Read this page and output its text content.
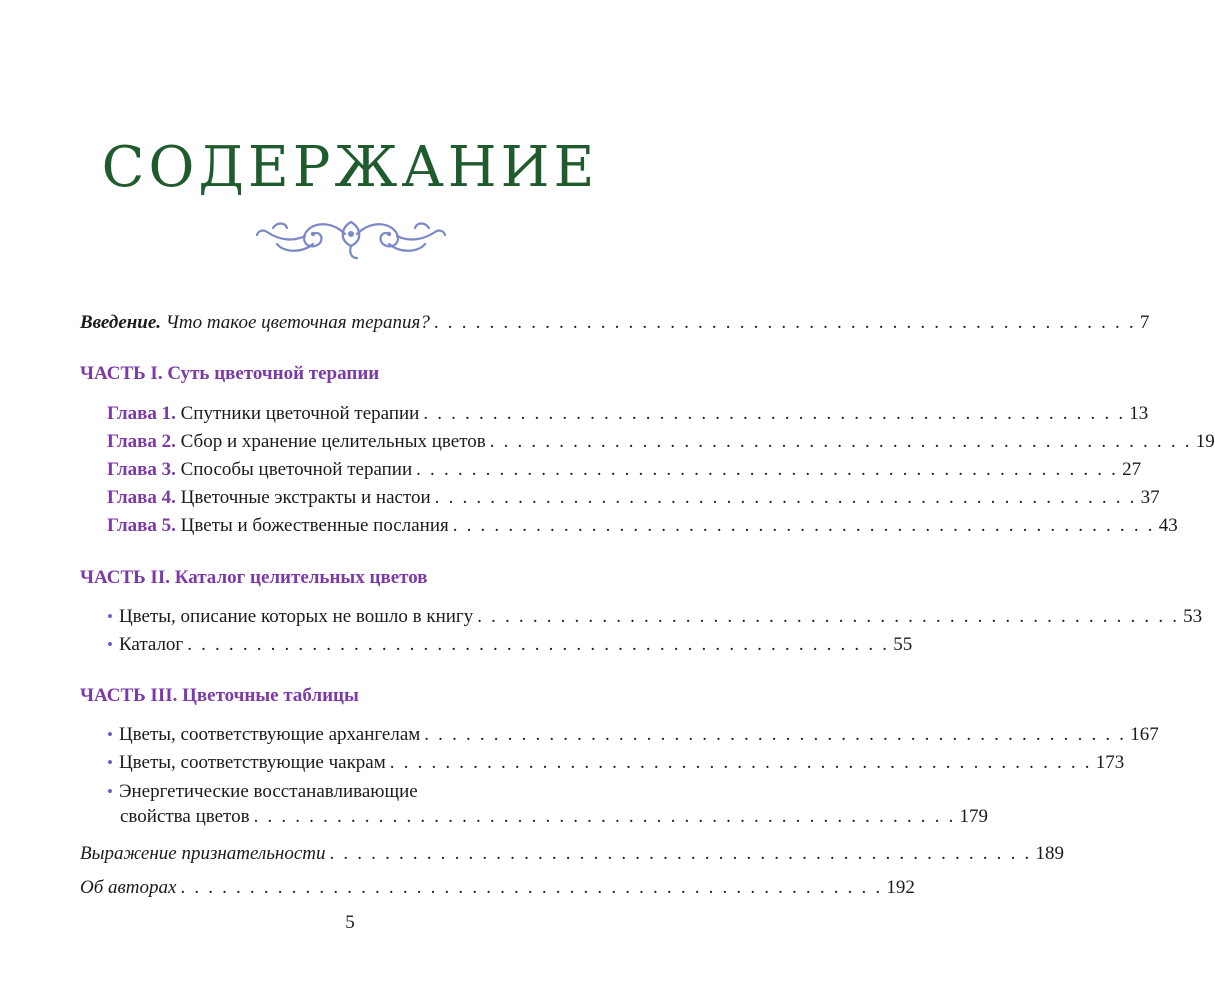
СОДЕРЖАНИЕ
Введение. Что такое цветочная терапия? . . . . . . . . . . . . . . . . . . . . . . . . . . . . . . . . . . . . . . . . . . . . . . . . . . . 7
ЧАСТЬ I. Суть цветочной терапии
Глава 1. Спутники цветочной терапии . . . . . . . . . . . . . . . . . . . . . . . . . . . . . . . . . . . . . . . . . . . . . . . . . . . 13
Глава 2. Сбор и хранение целительных цветов . . . . . . . . . . . . . . . . . . . . . . . . . . . . . . . . . . . . . . . . . . . . . . . . . . . 19
Глава 3. Способы цветочной терапии . . . . . . . . . . . . . . . . . . . . . . . . . . . . . . . . . . . . . . . . . . . . . . . . . . . 27
Глава 4. Цветочные экстракты и настои . . . . . . . . . . . . . . . . . . . . . . . . . . . . . . . . . . . . . . . . . . . . . . . . . . . 37
Глава 5. Цветы и божественные послания . . . . . . . . . . . . . . . . . . . . . . . . . . . . . . . . . . . . . . . . . . . . . . . . . . . 43
ЧАСТЬ II. Каталог целительных цветов
• Цветы, описание которых не вошло в книгу . . . . . . . . . . . . . . . . . . . . . . . . . . . . . . . . . . . . . . . . . . . . . . . . . . . 53
• Каталог . . . . . . . . . . . . . . . . . . . . . . . . . . . . . . . . . . . . . . . . . . . . . . . . . . . 55
ЧАСТЬ III. Цветочные таблицы
• Цветы, соответствующие архангелам . . . . . . . . . . . . . . . . . . . . . . . . . . . . . . . . . . . . . . . . . . . . . . . . . . . 167
• Цветы, соответствующие чакрам . . . . . . . . . . . . . . . . . . . . . . . . . . . . . . . . . . . . . . . . . . . . . . . . . . . 173
• Энергетические восстанавливающие
свойства цветов . . . . . . . . . . . . . . . . . . . . . . . . . . . . . . . . . . . . . . . . . . . . . . . . . . . 179
Выражение признательности . . . . . . . . . . . . . . . . . . . . . . . . . . . . . . . . . . . . . . . . . . . . . . . . . . . 189
Об авторах . . . . . . . . . . . . . . . . . . . . . . . . . . . . . . . . . . . . . . . . . . . . . . . . . . . 192
5
